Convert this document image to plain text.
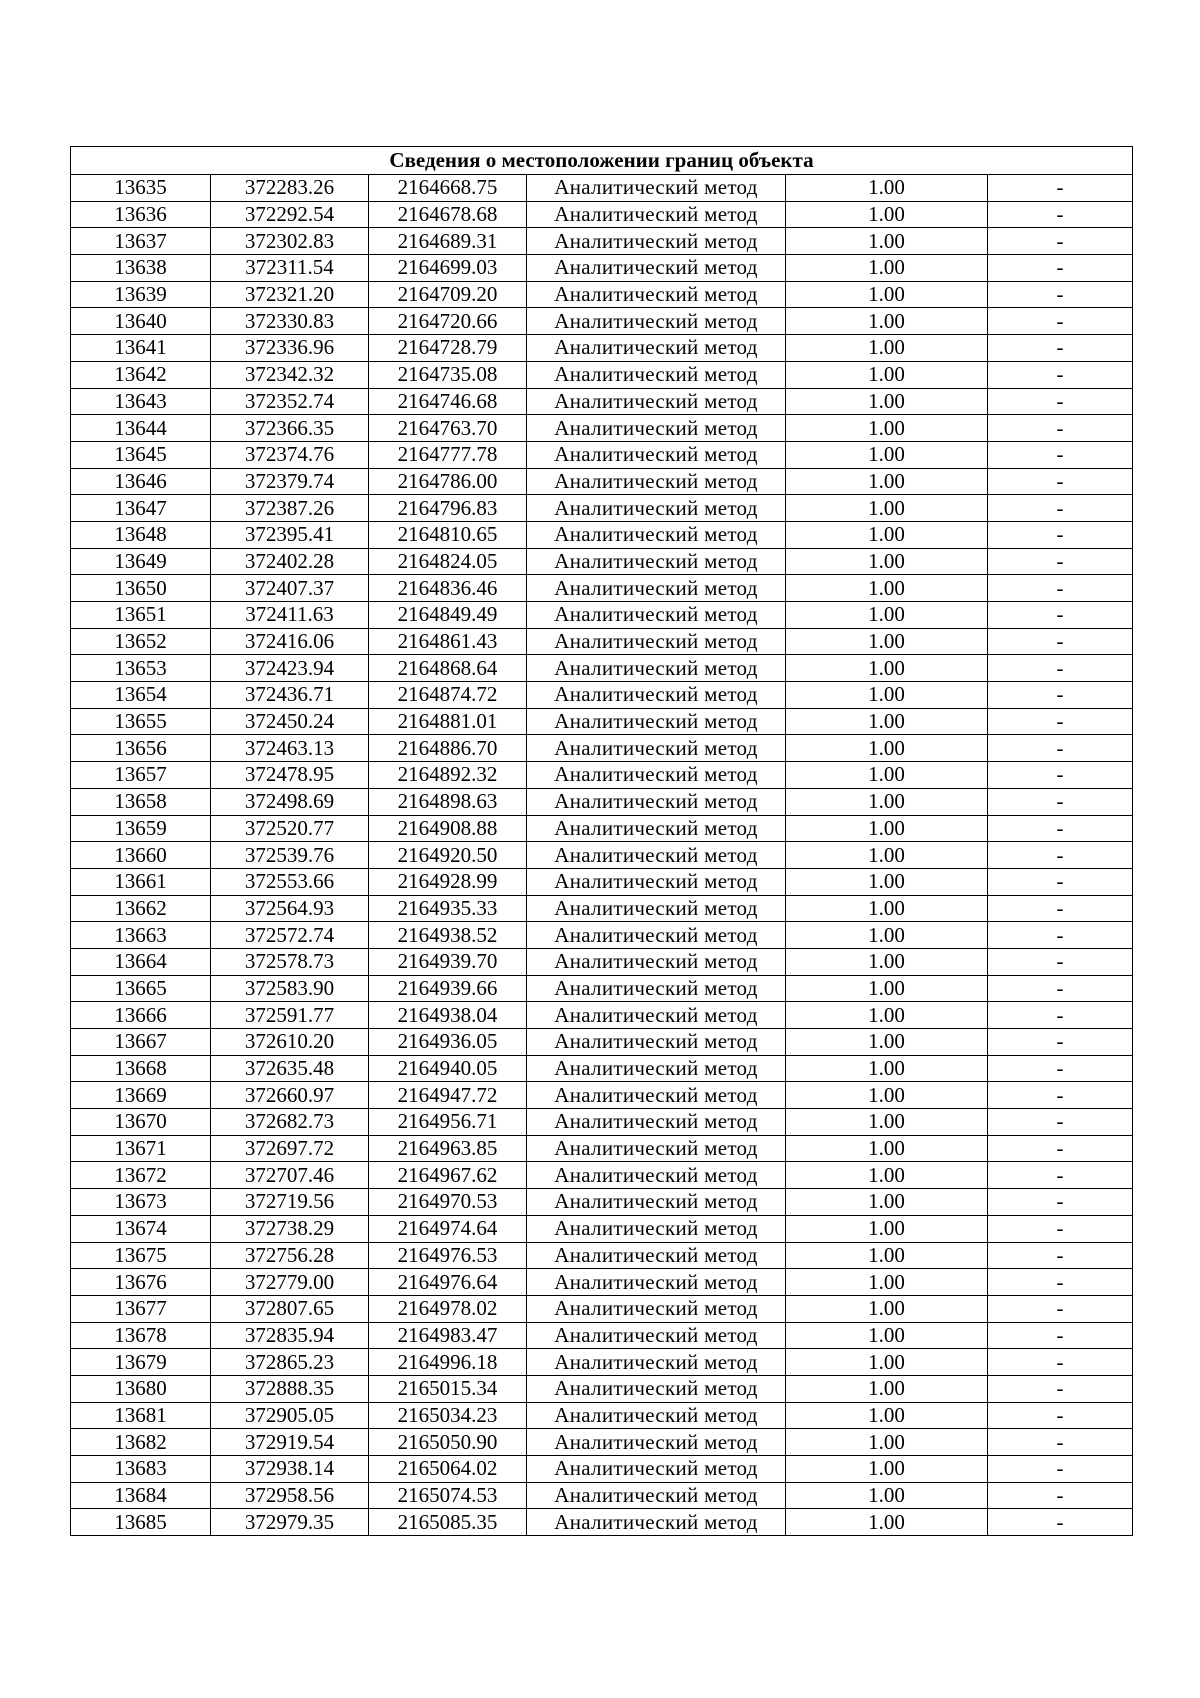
Сведения о местоположении границ объекта					
13635	372283.26	2164668.75	Аналитический метод	1.00	-
13636	372292.54	2164678.68	Аналитический метод	1.00	-
13637	372302.83	2164689.31	Аналитический метод	1.00	-
13638	372311.54	2164699.03	Аналитический метод	1.00	-
13639	372321.20	2164709.20	Аналитический метод	1.00	-
13640	372330.83	2164720.66	Аналитический метод	1.00	-
13641	372336.96	2164728.79	Аналитический метод	1.00	-
13642	372342.32	2164735.08	Аналитический метод	1.00	-
13643	372352.74	2164746.68	Аналитический метод	1.00	-
13644	372366.35	2164763.70	Аналитический метод	1.00	-
13645	372374.76	2164777.78	Аналитический метод	1.00	-
13646	372379.74	2164786.00	Аналитический метод	1.00	-
13647	372387.26	2164796.83	Аналитический метод	1.00	-
13648	372395.41	2164810.65	Аналитический метод	1.00	-
13649	372402.28	2164824.05	Аналитический метод	1.00	-
13650	372407.37	2164836.46	Аналитический метод	1.00	-
13651	372411.63	2164849.49	Аналитический метод	1.00	-
13652	372416.06	2164861.43	Аналитический метод	1.00	-
13653	372423.94	2164868.64	Аналитический метод	1.00	-
13654	372436.71	2164874.72	Аналитический метод	1.00	-
13655	372450.24	2164881.01	Аналитический метод	1.00	-
13656	372463.13	2164886.70	Аналитический метод	1.00	-
13657	372478.95	2164892.32	Аналитический метод	1.00	-
13658	372498.69	2164898.63	Аналитический метод	1.00	-
13659	372520.77	2164908.88	Аналитический метод	1.00	-
13660	372539.76	2164920.50	Аналитический метод	1.00	-
13661	372553.66	2164928.99	Аналитический метод	1.00	-
13662	372564.93	2164935.33	Аналитический метод	1.00	-
13663	372572.74	2164938.52	Аналитический метод	1.00	-
13664	372578.73	2164939.70	Аналитический метод	1.00	-
13665	372583.90	2164939.66	Аналитический метод	1.00	-
13666	372591.77	2164938.04	Аналитический метод	1.00	-
13667	372610.20	2164936.05	Аналитический метод	1.00	-
13668	372635.48	2164940.05	Аналитический метод	1.00	-
13669	372660.97	2164947.72	Аналитический метод	1.00	-
13670	372682.73	2164956.71	Аналитический метод	1.00	-
13671	372697.72	2164963.85	Аналитический метод	1.00	-
13672	372707.46	2164967.62	Аналитический метод	1.00	-
13673	372719.56	2164970.53	Аналитический метод	1.00	-
13674	372738.29	2164974.64	Аналитический метод	1.00	-
13675	372756.28	2164976.53	Аналитический метод	1.00	-
13676	372779.00	2164976.64	Аналитический метод	1.00	-
13677	372807.65	2164978.02	Аналитический метод	1.00	-
13678	372835.94	2164983.47	Аналитический метод	1.00	-
13679	372865.23	2164996.18	Аналитический метод	1.00	-
13680	372888.35	2165015.34	Аналитический метод	1.00	-
13681	372905.05	2165034.23	Аналитический метод	1.00	-
13682	372919.54	2165050.90	Аналитический метод	1.00	-
13683	372938.14	2165064.02	Аналитический метод	1.00	-
13684	372958.56	2165074.53	Аналитический метод	1.00	-
13685	372979.35	2165085.35	Аналитический метод	1.00	-
